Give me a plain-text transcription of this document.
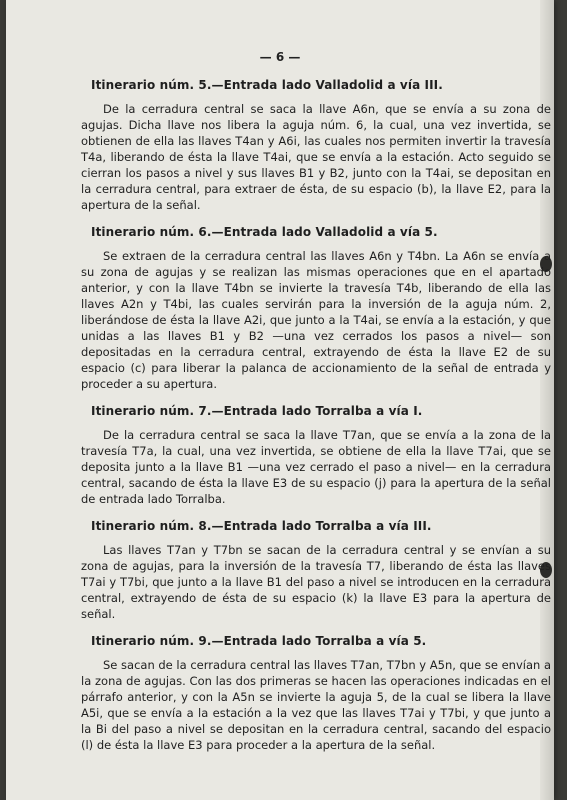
— 6 —

Itinerario núm. 5.—Entrada lado Valladolid a vía III.

De la cerradura central se saca la llave A6n, que se envía a su zona de agujas. Dicha llave nos libera la aguja núm. 6, la cual, una vez invertida, se obtienen de ella las llaves T4an y A6i, las cuales nos permiten invertir la travesía T4a, liberando de ésta la llave T4ai, que se envía a la estación. Acto seguido se cierran los pasos a nivel y sus llaves B1 y B2, junto con la T4ai, se depositan en la cerradura central, para extraer de ésta, de su espacio (b), la llave E2, para la apertura de la señal.

Itinerario núm. 6.—Entrada lado Valladolid a vía 5.

Se extraen de la cerradura central las llaves A6n y T4bn. La A6n se envía a su zona de agujas y se realizan las mismas operaciones que en el apartado anterior, y con la llave T4bn se invierte la travesía T4b, liberando de ella las llaves A2n y T4bi, las cuales servirán para la inversión de la aguja núm. 2, liberándose de ésta la llave A2i, que junto a la T4ai, se envía a la estación, y que unidas a las llaves B1 y B2 —una vez cerrados los pasos a nivel— son depositadas en la cerradura central, extrayendo de ésta la llave E2 de su espacio (c) para liberar la palanca de accionamiento de la señal de entrada y proceder a su apertura.

Itinerario núm. 7.—Entrada lado Torralba a vía I.

De la cerradura central se saca la llave T7an, que se envía a la zona de la travesía T7a, la cual, una vez invertida, se obtiene de ella la llave T7ai, que se deposita junto a la llave B1 —una vez cerrado el paso a nivel— en la cerradura central, sacando de ésta la llave E3 de su espacio (j) para la apertura de la señal de entrada lado Torralba.

Itinerario núm. 8.—Entrada lado Torralba a vía III.

Las llaves T7an y T7bn se sacan de la cerradura central y se envían a su zona de agujas, para la inversión de la travesía T7, liberando de ésta las llaves T7ai y T7bi, que junto a la llave B1 del paso a nivel se introducen en la cerradura central, extrayendo de ésta de su espacio (k) la llave E3 para la apertura de señal.

Itinerario núm. 9.—Entrada lado Torralba a vía 5.

Se sacan de la cerradura central las llaves T7an, T7bn y A5n, que se envían a la zona de agujas. Con las dos primeras se hacen las operaciones indicadas en el párrafo anterior, y con la A5n se invierte la aguja 5, de la cual se libera la llave A5i, que se envía a la estación a la vez que las llaves T7ai y T7bi, y que junto a la Bi del paso a nivel se depositan en la cerradura central, sacando del espacio (l) de ésta la llave E3 para proceder a la apertura de la señal.
